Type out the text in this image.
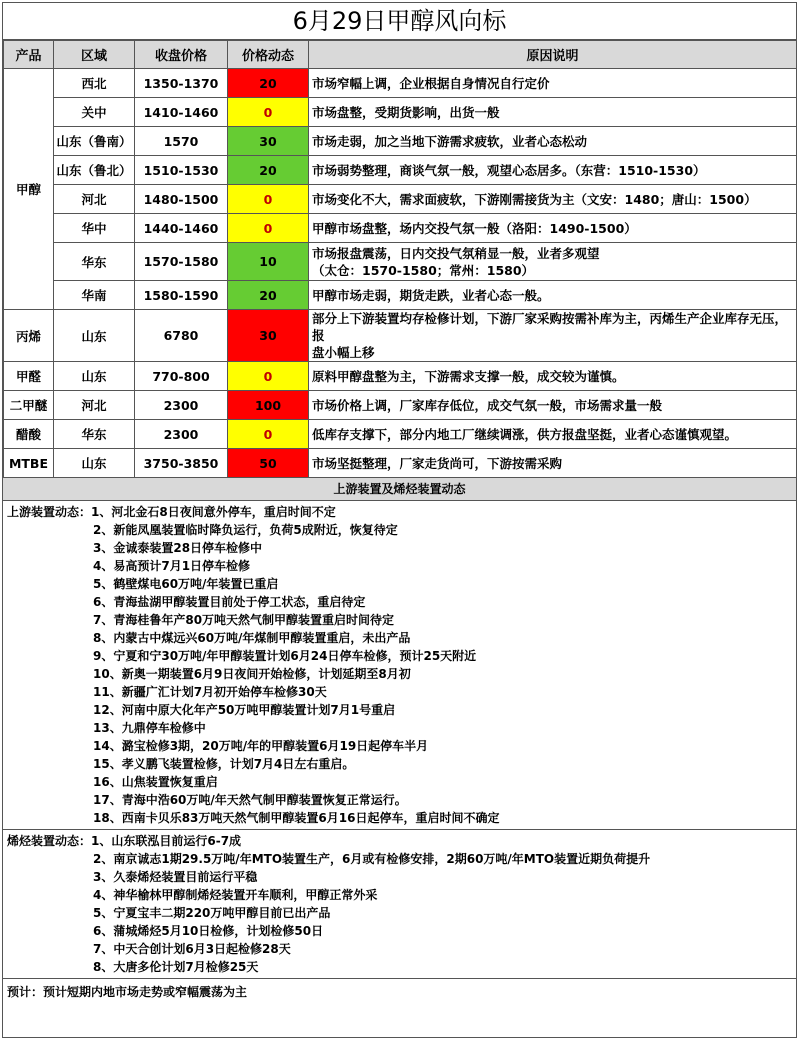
6月29日甲醇风向标
产品	区域	收盘价格	价格动态	原因说明
甲醇	西北	1350-1370	20	市场窄幅上调，企业根据自身情况自行定价

	关中	1410-1460	0	市场盘整，受期货影响，出货一般

	山东（鲁南）	1570	30	市场走弱，加之当地下游需求疲软，业者心态松动

	山东（鲁北）	1510-1530	20	市场弱势整理，商谈气氛一般，观望心态居多。（东营：1510-1530）

	河北	1480-1500	0	市场变化不大，需求面疲软，下游刚需接货为主（文安：1480；唐山：1500）

	华中	1440-1460	0	甲醇市场盘整，场内交投气氛一般（洛阳：1490-1500）

	华东	1570-1580	10	市场报盘震荡，日内交投气氛稍显一般，业者多观望
（太仓：1570-1580；常州：1580）

	华南	1580-1590	20	甲醇市场走弱，期货走跌，业者心态一般。

丙烯	山东	6780	30	部分上下游装置均存检修计划，下游厂家采购按需补库为主，丙烯生产企业库存无压，报
盘小幅上移

甲醛	山东	770-800	0	原料甲醇盘整为主，下游需求支撑一般，成交较为谨慎。

二甲醚	河北	2300	100	市场价格上调，厂家库存低位，成交气氛一般，市场需求量一般

醋酸	华东	2300	0	低库存支撑下，部分内地工厂继续调涨，供方报盘坚挺，业者心态谨慎观望。

MTBE	山东	3750-3850	50	市场坚挺整理，厂家走货尚可，下游按需采购
上游装置及烯烃装置动态
上游装置动态：1、河北金石8日夜间意外停车，重启时间不定
2、新能凤凰装置临时降负运行，负荷5成附近，恢复待定
3、金诚泰装置28日停车检修中
4、易高预计7月1日停车检修
5、鹤壁煤电60万吨/年装置已重启
6、青海盐湖甲醇装置目前处于停工状态，重启待定
7、青海桂鲁年产80万吨天然气制甲醇装置重启时间待定
8、内蒙古中煤远兴60万吨/年煤制甲醇装置重启，未出产品
9、宁夏和宁30万吨/年甲醇装置计划6月24日停车检修，预计25天附近
10、新奥一期装置6月9日夜间开始检修，计划延期至8月初
11、新疆广汇计划7月初开始停车检修30天
12、河南中原大化年产50万吨甲醇装置计划7月1号重启
13、九鼎停车检修中
14、潞宝检修3期，20万吨/年的甲醇装置6月19日起停车半月
15、孝义鹏飞装置检修，计划7月4日左右重启。
16、山焦装置恢复重启
17、青海中浩60万吨/年天然气制甲醇装置恢复正常运行。
18、西南卡贝乐83万吨天然气制甲醇装置6月16日起停车，重启时间不确定
烯烃装置动态：1、山东联泓目前运行6-7成
2、南京诚志1期29.5万吨/年MTO装置生产，6月或有检修安排，2期60万吨/年MTO装置近期负荷提升
3、久泰烯烃装置目前运行平稳
4、神华榆林甲醇制烯烃装置开车顺利，甲醇正常外采
5、宁夏宝丰二期220万吨甲醇目前已出产品
6、蒲城烯烃5月10日检修，计划检修50日
7、中天合创计划6月3日起检修28天
8、大唐多伦计划7月检修25天
预计：预计短期内地市场走势或窄幅震荡为主
